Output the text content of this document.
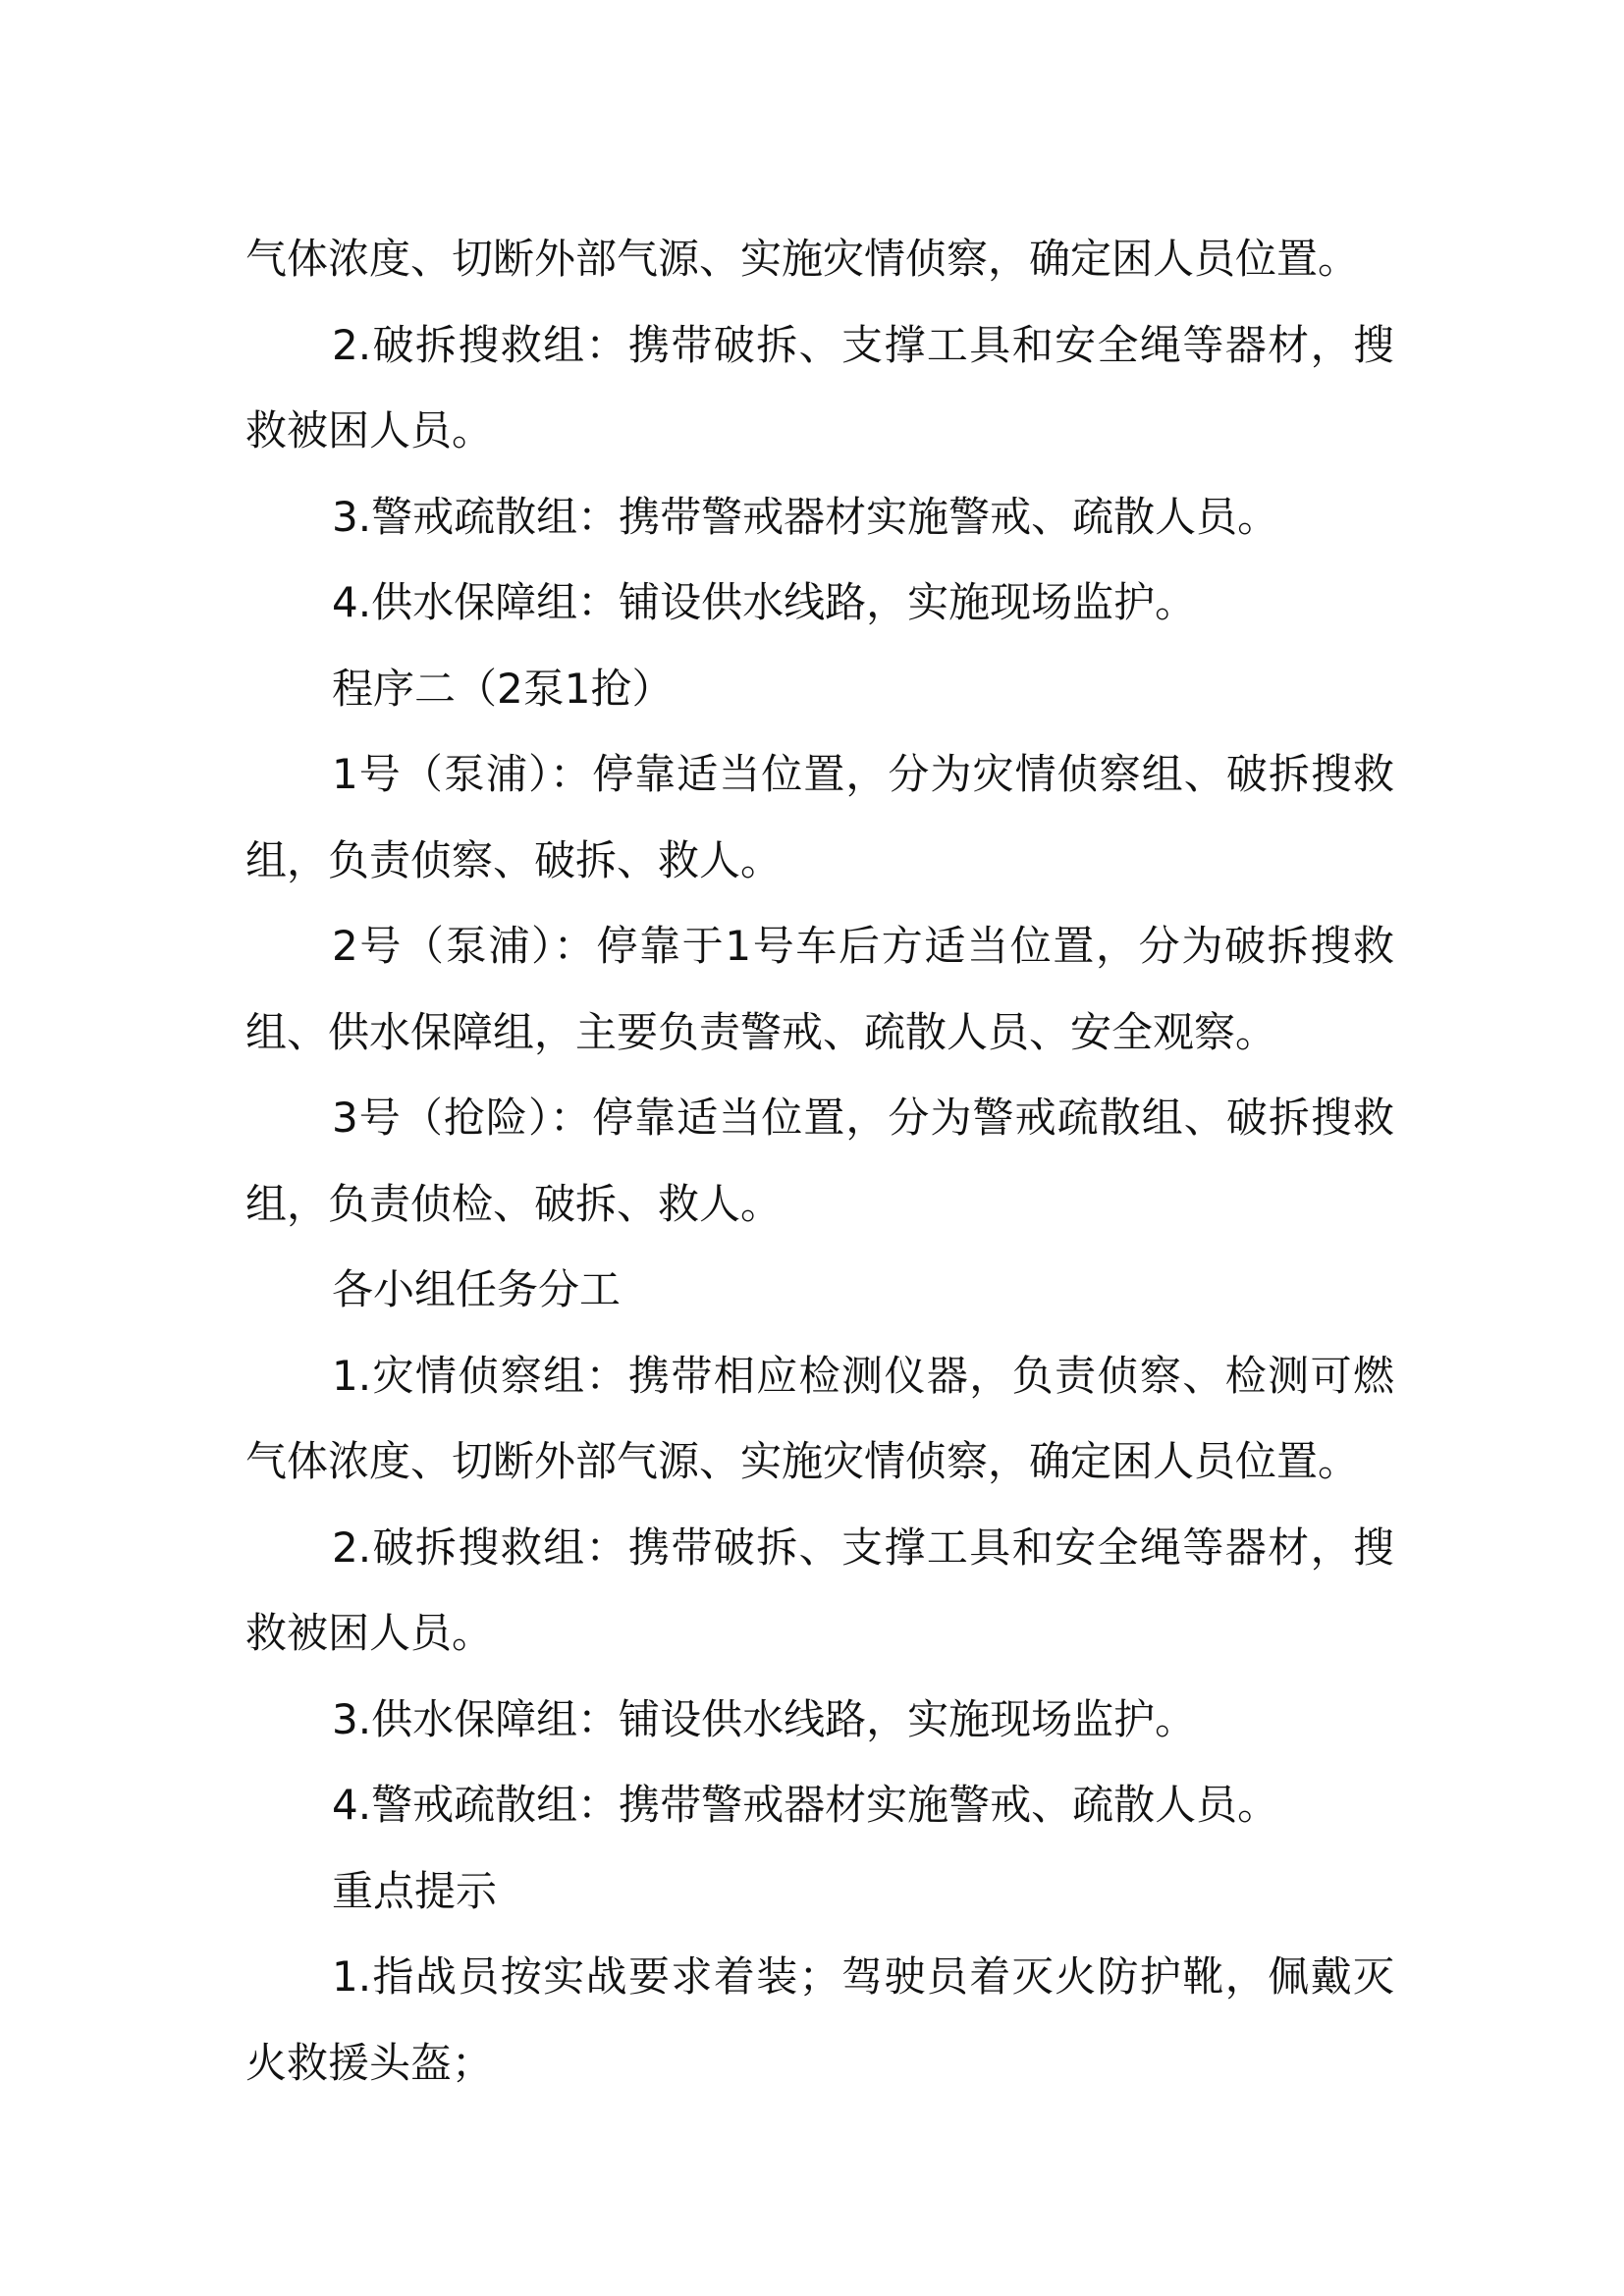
气体浓度、切断外部气源、实施灾情侦察，确定困人员位置。

2.破拆搜救组：携带破拆、支撑工具和安全绳等器材，搜救被困人员。

3.警戒疏散组：携带警戒器材实施警戒、疏散人员。

4.供水保障组：铺设供水线路，实施现场监护。

程序二（2泵1抢）

1号（泵浦）：停靠适当位置，分为灾情侦察组、破拆搜救组，负责侦察、破拆、救人。

2号（泵浦）：停靠于1号车后方适当位置，分为破拆搜救组、供水保障组，主要负责警戒、疏散人员、安全观察。

3号（抢险）：停靠适当位置，分为警戒疏散组、破拆搜救组，负责侦检、破拆、救人。

各小组任务分工

1.灾情侦察组：携带相应检测仪器，负责侦察、检测可燃气体浓度、切断外部气源、实施灾情侦察，确定困人员位置。

2.破拆搜救组：携带破拆、支撑工具和安全绳等器材，搜救被困人员。

3.供水保障组：铺设供水线路，实施现场监护。

4.警戒疏散组：携带警戒器材实施警戒、疏散人员。

重点提示

1.指战员按实战要求着装；驾驶员着灭火防护靴，佩戴灭火救援头盔；
